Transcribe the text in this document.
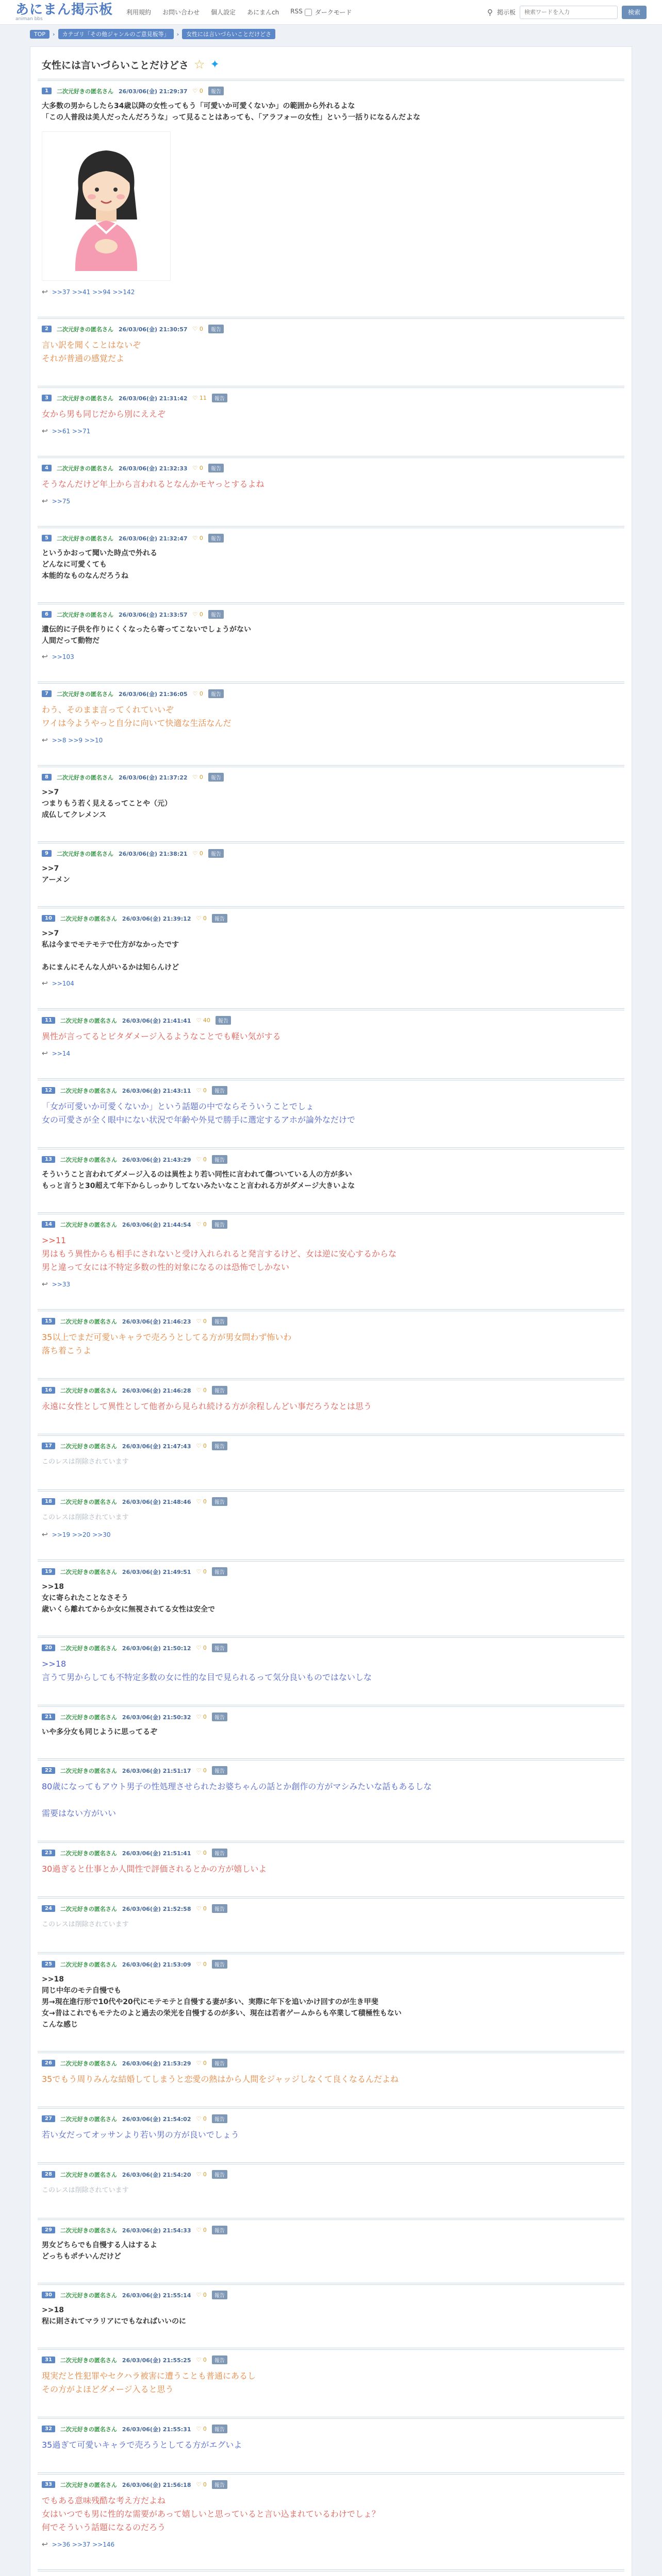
あにまん掲示板
animan bbs
利用規約 お問い合わせ 個人設定 あにまんch RSS ダークモード	⚲ 掲示板
検索ワードを入力	検索
TOP	›	カテゴリ「その他ジャンルのご意見板等」	›	女性には言いづらいことだけどさ
女性には言いづらいことだけどさ ☆ ✦
1	二次元好きの匿名さん 26/03/06(金) 21:29:37 ♡ 0	報告
大多数の男からしたら34歳以降の女性ってもう「可愛いか可愛くないか」の範囲から外れるよな
「この人普段は美人だったんだろうな」って見ることはあっても、「アラフォーの女性」という一括りになるんだよな
↩ >>37 >>41 >>94 >>142
2	二次元好きの匿名さん 26/03/06(金) 21:30:57 ♡ 0	報告
言い訳を聞くことはないぞ
それが普通の感覚だよ
3	二次元好きの匿名さん 26/03/06(金) 21:31:42 ♡ 11	報告
女から男も同じだから別にええぞ
↩ >>61 >>71
4	二次元好きの匿名さん 26/03/06(金) 21:32:33 ♡ 0	報告
そうなんだけど年上から言われるとなんかモヤっとするよね
↩ >>75
5	二次元好きの匿名さん 26/03/06(金) 21:32:47 ♡ 0	報告
というかおって聞いた時点で外れる
どんなに可愛くても
本能的なものなんだろうね
6	二次元好きの匿名さん 26/03/06(金) 21:33:57 ♡ 0	報告
遺伝的に子供を作りにくくなったら寄ってこないでしょうがない
人間だって動物だ
↩ >>103
7	二次元好きの匿名さん 26/03/06(金) 21:36:05 ♡ 0	報告
わう、そのまま言ってくれていいぞ
ワイは今ようやっと自分に向いて快適な生活なんだ
↩ >>8 >>9 >>10
8	二次元好きの匿名さん 26/03/06(金) 21:37:22 ♡ 0	報告
>>7
つまりもう若く見えるってことや（元）
成仏してクレメンス
9	二次元好きの匿名さん 26/03/06(金) 21:38:21 ♡ 0	報告
>>7
アーメン
10	二次元好きの匿名さん 26/03/06(金) 21:39:12 ♡ 0	報告
>>7
私は今までモテモテで仕方がなかったです

あにまんにそんな人がいるかは知らんけど
↩ >>104
11	二次元好きの匿名さん 26/03/06(金) 21:41:41 ♡ 40	報告
異性が言ってるとビタダメージ入るようなことでも軽い気がする
↩ >>14
12	二次元好きの匿名さん 26/03/06(金) 21:43:11 ♡ 0	報告
「女が可愛いか可愛くないか」という話題の中でならそういうことでしょ
女の可愛さが全く眼中にない状況で年齢や外見で勝手に選定するアホが論外なだけで
13	二次元好きの匿名さん 26/03/06(金) 21:43:29 ♡ 0	報告
そういうこと言われてダメージ入るのは異性より若い同性に言われて傷ついている人の方が多い
もっと言うと30超えて年下からしっかりしてないみたいなこと言われる方がダメージ大きいよな
14	二次元好きの匿名さん 26/03/06(金) 21:44:54 ♡ 0	報告
>>11
男はもう異性からも相手にされないと受け入れられると発言するけど、女は逆に安心するからな
男と違って女には不特定多数の性的対象になるのは恐怖でしかない
↩ >>33
15	二次元好きの匿名さん 26/03/06(金) 21:46:23 ♡ 0	報告
35以上でまだ可愛いキャラで売ろうとしてる方が男女問わず怖いわ
落ち着こうよ
16	二次元好きの匿名さん 26/03/06(金) 21:46:28 ♡ 0	報告
永遠に女性として異性として他者から見られ続ける方が余程しんどい事だろうなとは思う
17	二次元好きの匿名さん 26/03/06(金) 21:47:43 ♡ 0	報告
このレスは削除されています
18	二次元好きの匿名さん 26/03/06(金) 21:48:46 ♡ 0	報告
このレスは削除されています
↩ >>19 >>20 >>30
19	二次元好きの匿名さん 26/03/06(金) 21:49:51 ♡ 0	報告
>>18
女に寄られたことなさそう
歳いくら離れてからか女に無視されてる女性は安全で
20	二次元好きの匿名さん 26/03/06(金) 21:50:12 ♡ 0	報告
>>18
言うて男からしても不特定多数の女に性的な目で見られるって気分良いものではないしな
21	二次元好きの匿名さん 26/03/06(金) 21:50:32 ♡ 0	報告
いや多分女も同じように思ってるぞ
22	二次元好きの匿名さん 26/03/06(金) 21:51:17 ♡ 0	報告
80歳になってもアウト男子の性処理させられたお婆ちゃんの話とか創作の方がマシみたいな話もあるしな

需要はない方がいい
23	二次元好きの匿名さん 26/03/06(金) 21:51:41 ♡ 0	報告
30過ぎると仕事とか人間性で評価されるとかの方が嬉しいよ
24	二次元好きの匿名さん 26/03/06(金) 21:52:58 ♡ 0	報告
このレスは削除されています
25	二次元好きの匿名さん 26/03/06(金) 21:53:09 ♡ 0	報告
>>18
同じ中年のモテ自慢でも
男→現在進行形で10代や20代にモテモテと自慢する妻が多い、実際に年下を追いかけ回すのが生き甲斐
女→昔はこれでもモテたのよと過去の栄光を自慢するのが多い、現在は若者ゲームからも卒業して積極性もない
こんな感じ
26	二次元好きの匿名さん 26/03/06(金) 21:53:29 ♡ 0	報告
35でもう周りみんな結婚してしまうと恋愛の熱はから人間をジャッジしなくて良くなるんだよね
27	二次元好きの匿名さん 26/03/06(金) 21:54:02 ♡ 0	報告
若い女だってオッサンより若い男の方が良いでしょう
28	二次元好きの匿名さん 26/03/06(金) 21:54:20 ♡ 0	報告
このレスは削除されています
29	二次元好きの匿名さん 26/03/06(金) 21:54:33 ♡ 0	報告
男女どちらでも自慢する人はするよ
どっちもポチいんだけど
30	二次元好きの匿名さん 26/03/06(金) 21:55:14 ♡ 0	報告
>>18
程に則されてマラリアにでもなればいいのに
31	二次元好きの匿名さん 26/03/06(金) 21:55:25 ♡ 0	報告
現実だと性犯罪やセクハラ被害に遭うことも普通にあるし
その方がよほどダメージ入ると思う
32	二次元好きの匿名さん 26/03/06(金) 21:55:31 ♡ 0	報告
35過ぎて可愛いキャラで売ろうとしてる方がエグいよ
33	二次元好きの匿名さん 26/03/06(金) 21:56:18 ♡ 0	報告
でもある意味残酷な考え方だよね
女はいつでも男に性的な需要があって嬉しいと思っていると言い込まれているわけでしょ？
何でそういう話題になるのだろう
↩ >>36 >>37 >>146
